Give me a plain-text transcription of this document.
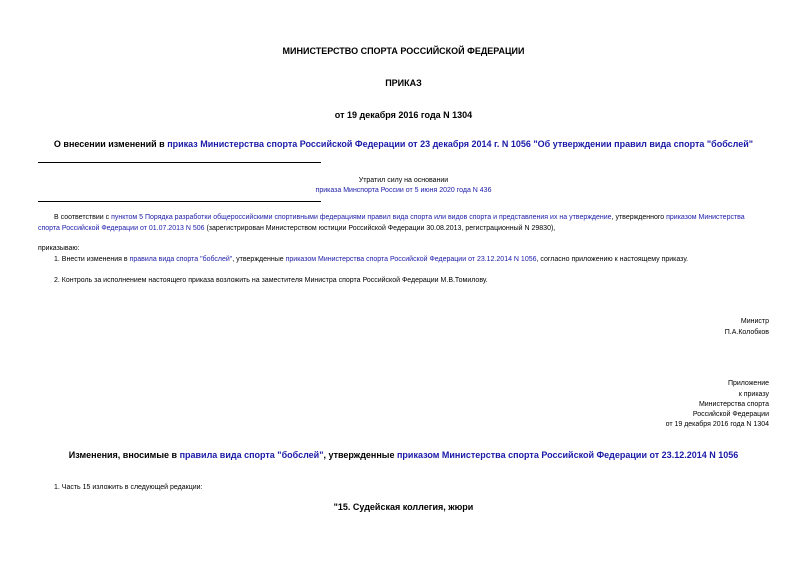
МИНИСТЕРСТВО СПОРТА РОССИЙСКОЙ ФЕДЕРАЦИИ
ПРИКАЗ
от 19 декабря 2016 года N 1304
О внесении изменений в приказ Министерства спорта Российской Федерации от 23 декабря 2014 г. N 1056 "Об утверждении правил вида спорта "бобслей"
Утратил силу на основании
приказа Минспорта России от 5 июня 2020 года N 436
В соответствии с пунктом 5 Порядка разработки общероссийскими спортивными федерациями правил вида спорта или видов спорта и представления их на утверждение, утвержденного приказом Министерства
спорта Российской Федерации от 01.07.2013 N 506 (зарегистрирован Министерством юстиции Российской Федерации 30.08.2013, регистрационный N 29830),
приказываю:
1. Внести изменения в правила вида спорта "бобслей", утвержденные приказом Министерства спорта Российской Федерации от 23.12.2014 N 1056, согласно приложению к настоящему приказу.
2. Контроль за исполнением настоящего приказа возложить на заместителя Министра спорта Российской Федерации М.В.Томилову.
Министр
П.А.Колобков
Приложение
к приказу
Министерства спорта
Российской Федерации
от 19 декабря 2016 года N 1304
Изменения, вносимые в правила вида спорта "бобслей", утвержденные приказом Министерства спорта Российской Федерации от 23.12.2014 N 1056
1. Часть 15 изложить в следующей редакции:
"15. Судейская коллегия, жюри
